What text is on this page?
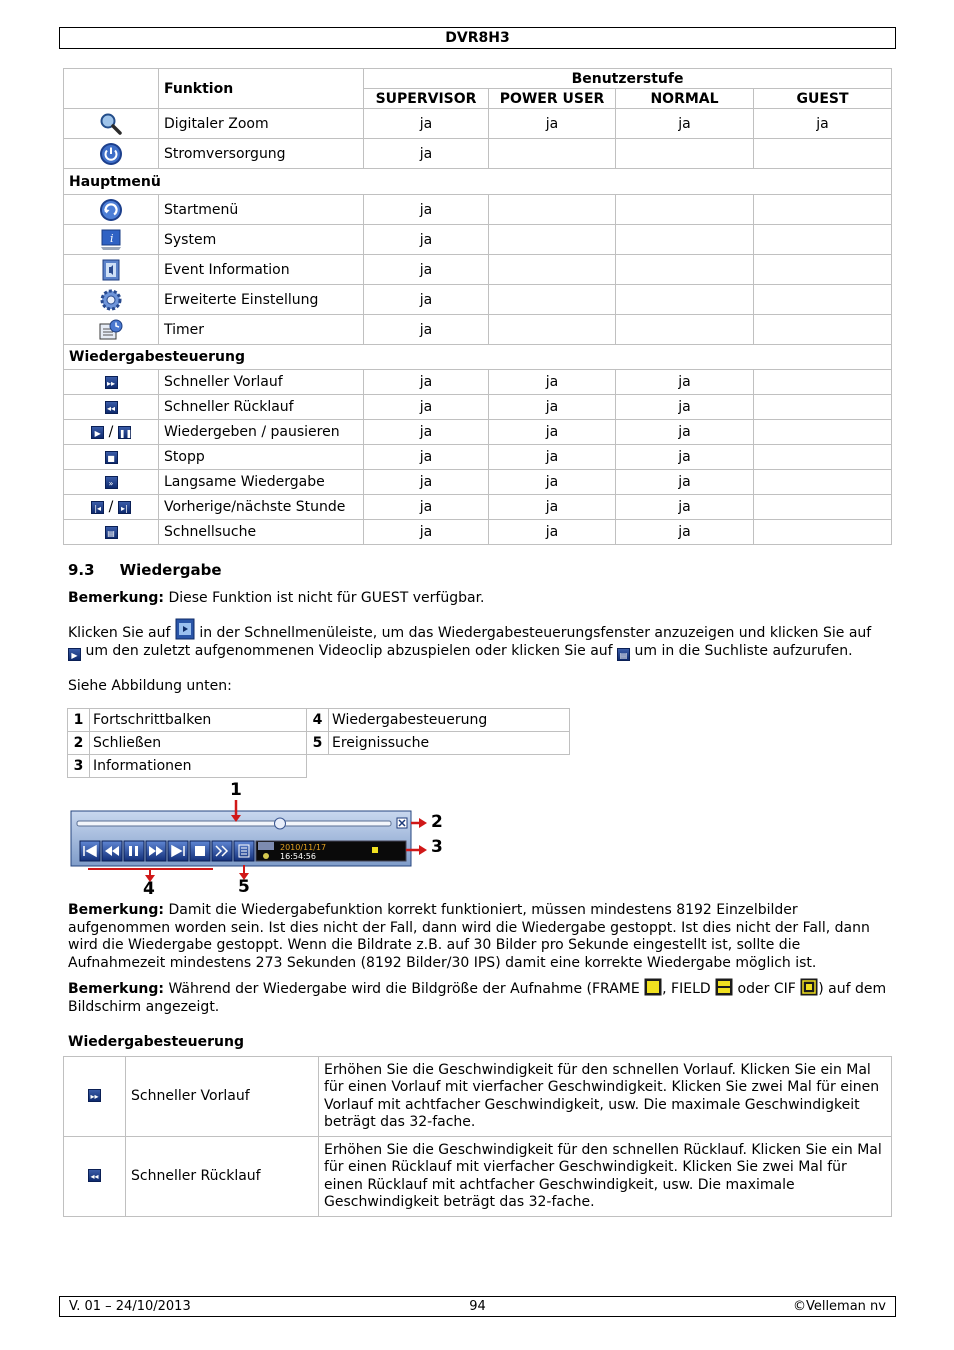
DVR8H3
	Funktion	Benutzerstufe			
		SUPERVISOR	POWER USER	NORMAL	GUEST
	Digitaler Zoom	ja	ja	ja	ja
	Stromversorgung	ja			
Hauptmenü					
	Startmenü	ja			

i	System	ja			
	Event Information	ja			
	Erweiterte Einstellung	ja			
	Timer	ja			
Wiedergabesteuerung					
▸▸	Schneller Vorlauf	ja	ja	ja	
◂◂	Schneller Rücklauf	ja	ja	ja	
▶ / ❚❚	Wiedergeben / pausieren	ja	ja	ja	
■	Stopp	ja	ja	ja	
»	Langsame Wiedergabe	ja	ja	ja	
|◂ / ▸|	Vorherige/nächste Stunde	ja	ja	ja	
▤	Schnellsuche	ja	ja	ja	
9.3 Wiedergabe
Bemerkung: Diese Funktion ist nicht für GUEST verfügbar.
Klicken Sie auf  in der Schnellmenüleiste, um das Wiedergabesteuerungsfenster anzuzeigen und klicken Sie auf ▶ um den zuletzt aufgenommenen Videoclip abzuspielen oder klicken Sie auf ▤ um in die Suchliste aufzurufen.
Siehe Abbildung unten:
1	Fortschrittbalken	4	Wiedergabesteuerung
2	Schließen	5	Ereignissuche
3	Informationen		
2010/11/17
16:54:56
1
2
3
4	5
Bemerkung: Damit die Wiedergabefunktion korrekt funktioniert, müssen mindestens 8192 Einzelbilder aufgenommen worden sein. Ist dies nicht der Fall, dann wird die Wiedergabe gestoppt. Ist dies nicht der Fall, dann wird die Wiedergabe gestoppt. Wenn die Bildrate z.B. auf 30 Bilder pro Sekunde eingestellt ist, sollte die Aufnahmezeit mindestens 273 Sekunden (8192 Bilder/30 IPS) damit eine korrekte Wiedergabe möglich ist.
Bemerkung: Während der Wiedergabe wird die Bildgröße der Aufnahme (FRAME , FIELD  oder CIF ) auf dem Bildschirm angezeigt.
Wiedergabesteuerung
▸▸	Schneller Vorlauf	Erhöhen Sie die Geschwindigkeit für den schnellen Vorlauf. Klicken Sie ein Mal für einen Vorlauf mit vierfacher Geschwindigkeit. Klicken Sie zwei Mal für einen Vorlauf mit achtfacher Geschwindigkeit, usw. Die maximale Geschwindigkeit beträgt das 32-fache.
◂◂	Schneller Rücklauf	Erhöhen Sie die Geschwindigkeit für den schnellen Rücklauf. Klicken Sie ein Mal für einen Rücklauf mit vierfacher Geschwindigkeit. Klicken Sie zwei Mal für einen Rücklauf mit achtfacher Geschwindigkeit, usw. Die maximale Geschwindigkeit beträgt das 32-fache.
V. 01 – 24/10/2013	94	©Velleman nv
